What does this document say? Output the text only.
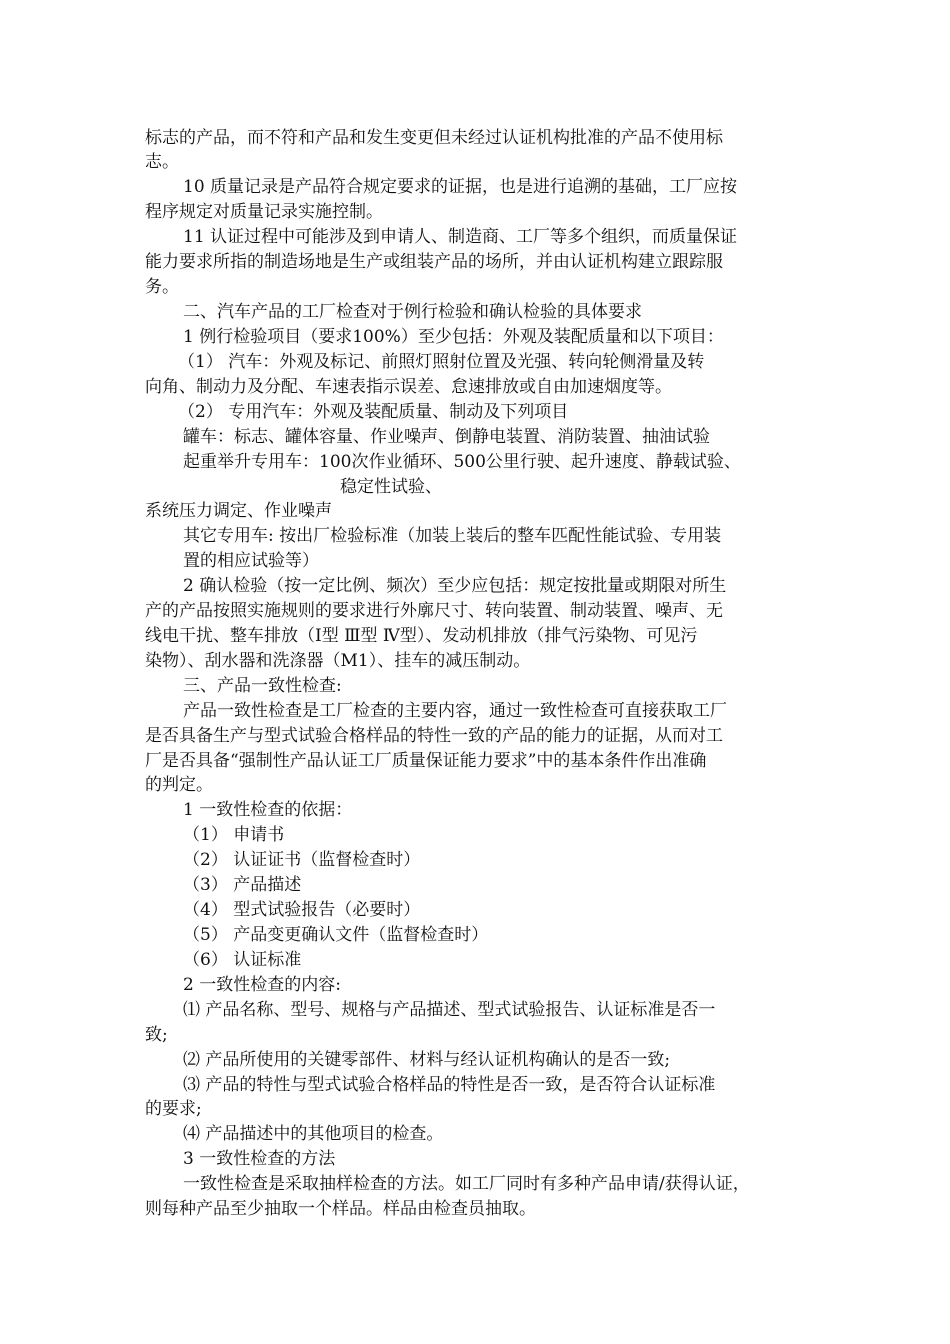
标志的产品，而不符和产品和发生变更但未经过认证机构批准的产品不使用标
志。
10 质量记录是产品符合规定要求的证据，也是进行追溯的基础，工厂应按
程序规定对质量记录实施控制。
11 认证过程中可能涉及到申请人、制造商、工厂等多个组织，而质量保证
能力要求所指的制造场地是生产或组装产品的场所，并由认证机构建立跟踪服
务。
二、汽车产品的工厂检查对于例行检验和确认检验的具体要求
1 例行检验项目（要求100%）至少包括：外观及装配质量和以下项目：
（1） 汽车：外观及标记、前照灯照射位置及光强、转向轮侧滑量及转
向角、制动力及分配、车速表指示误差、怠速排放或自由加速烟度等。
（2） 专用汽车：外观及装配质量、制动及下列项目
罐车：标志、罐体容量、作业噪声、倒静电装置、消防装置、抽油试验
起重举升专用车：100次作业循环、500公里行驶、起升速度、静载试验、
稳定性试验、
系统压力调定、作业噪声
其它专用车: 按出厂检验标准（加装上装后的整车匹配性能试验、专用装
置的相应试验等）
2 确认检验（按一定比例、频次）至少应包括：规定按批量或期限对所生
产的产品按照实施规则的要求进行外廓尺寸、转向装置、制动装置、噪声、无
线电干扰、整车排放（Ⅰ型 Ⅲ型 Ⅳ型）、发动机排放（排气污染物、可见污
染物）、刮水器和洗涤器（M1）、挂车的减压制动。
三、产品一致性检查:
产品一致性检查是工厂检查的主要内容，通过一致性检查可直接获取工厂
是否具备生产与型式试验合格样品的特性一致的产品的能力的证据，从而对工
厂是否具备“强制性产品认证工厂质量保证能力要求”中的基本条件作出准确
的判定。
1 一致性检查的依据：
（1） 申请书
（2） 认证证书（监督检查时）
（3） 产品描述
（4） 型式试验报告（必要时）
（5） 产品变更确认文件（监督检查时）
（6） 认证标准
2 一致性检查的内容:
⑴ 产品名称、型号、规格与产品描述、型式试验报告、认证标准是否一
致;
⑵ 产品所使用的关键零部件、材料与经认证机构确认的是否一致;
⑶ 产品的特性与型式试验合格样品的特性是否一致，是否符合认证标准
的要求;
⑷ 产品描述中的其他项目的检查。
3 一致性检查的方法
一致性检查是采取抽样检查的方法。如工厂同时有多种产品申请/获得认证，
则每种产品至少抽取一个样品。样品由检查员抽取。
